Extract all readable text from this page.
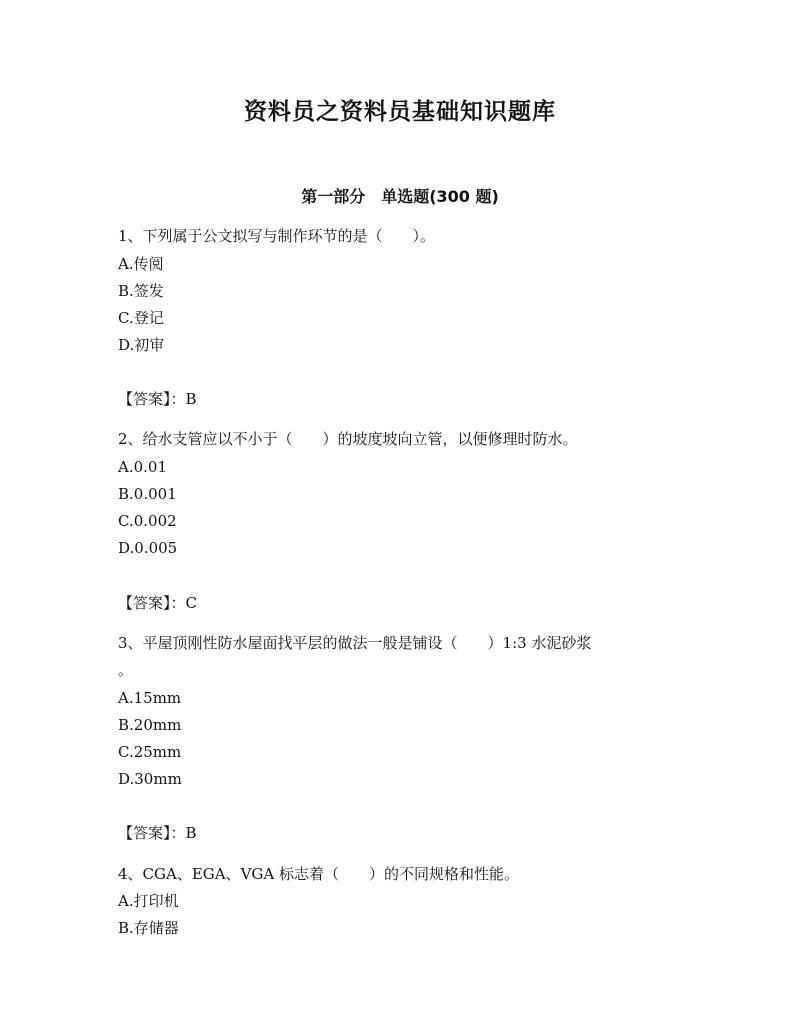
资料员之资料员基础知识题库
第一部分　单选题(300 题)
1、下列属于公文拟写与制作环节的是（　　）。
A.传阅
B.签发
C.登记
D.初审
【答案】：B
2、给水支管应以不小于（　　）的坡度坡向立管，以便修理时防水。
A.0.01
B.0.001
C.0.002
D.0.005
【答案】：C
3、平屋顶刚性防水屋面找平层的做法一般是铺设（　　）1:3 水泥砂浆
。
A.15mm
B.20mm
C.25mm
D.30mm
【答案】：B
4、CGA、EGA、VGA 标志着（　　）的不同规格和性能。
A.打印机
B.存储器
